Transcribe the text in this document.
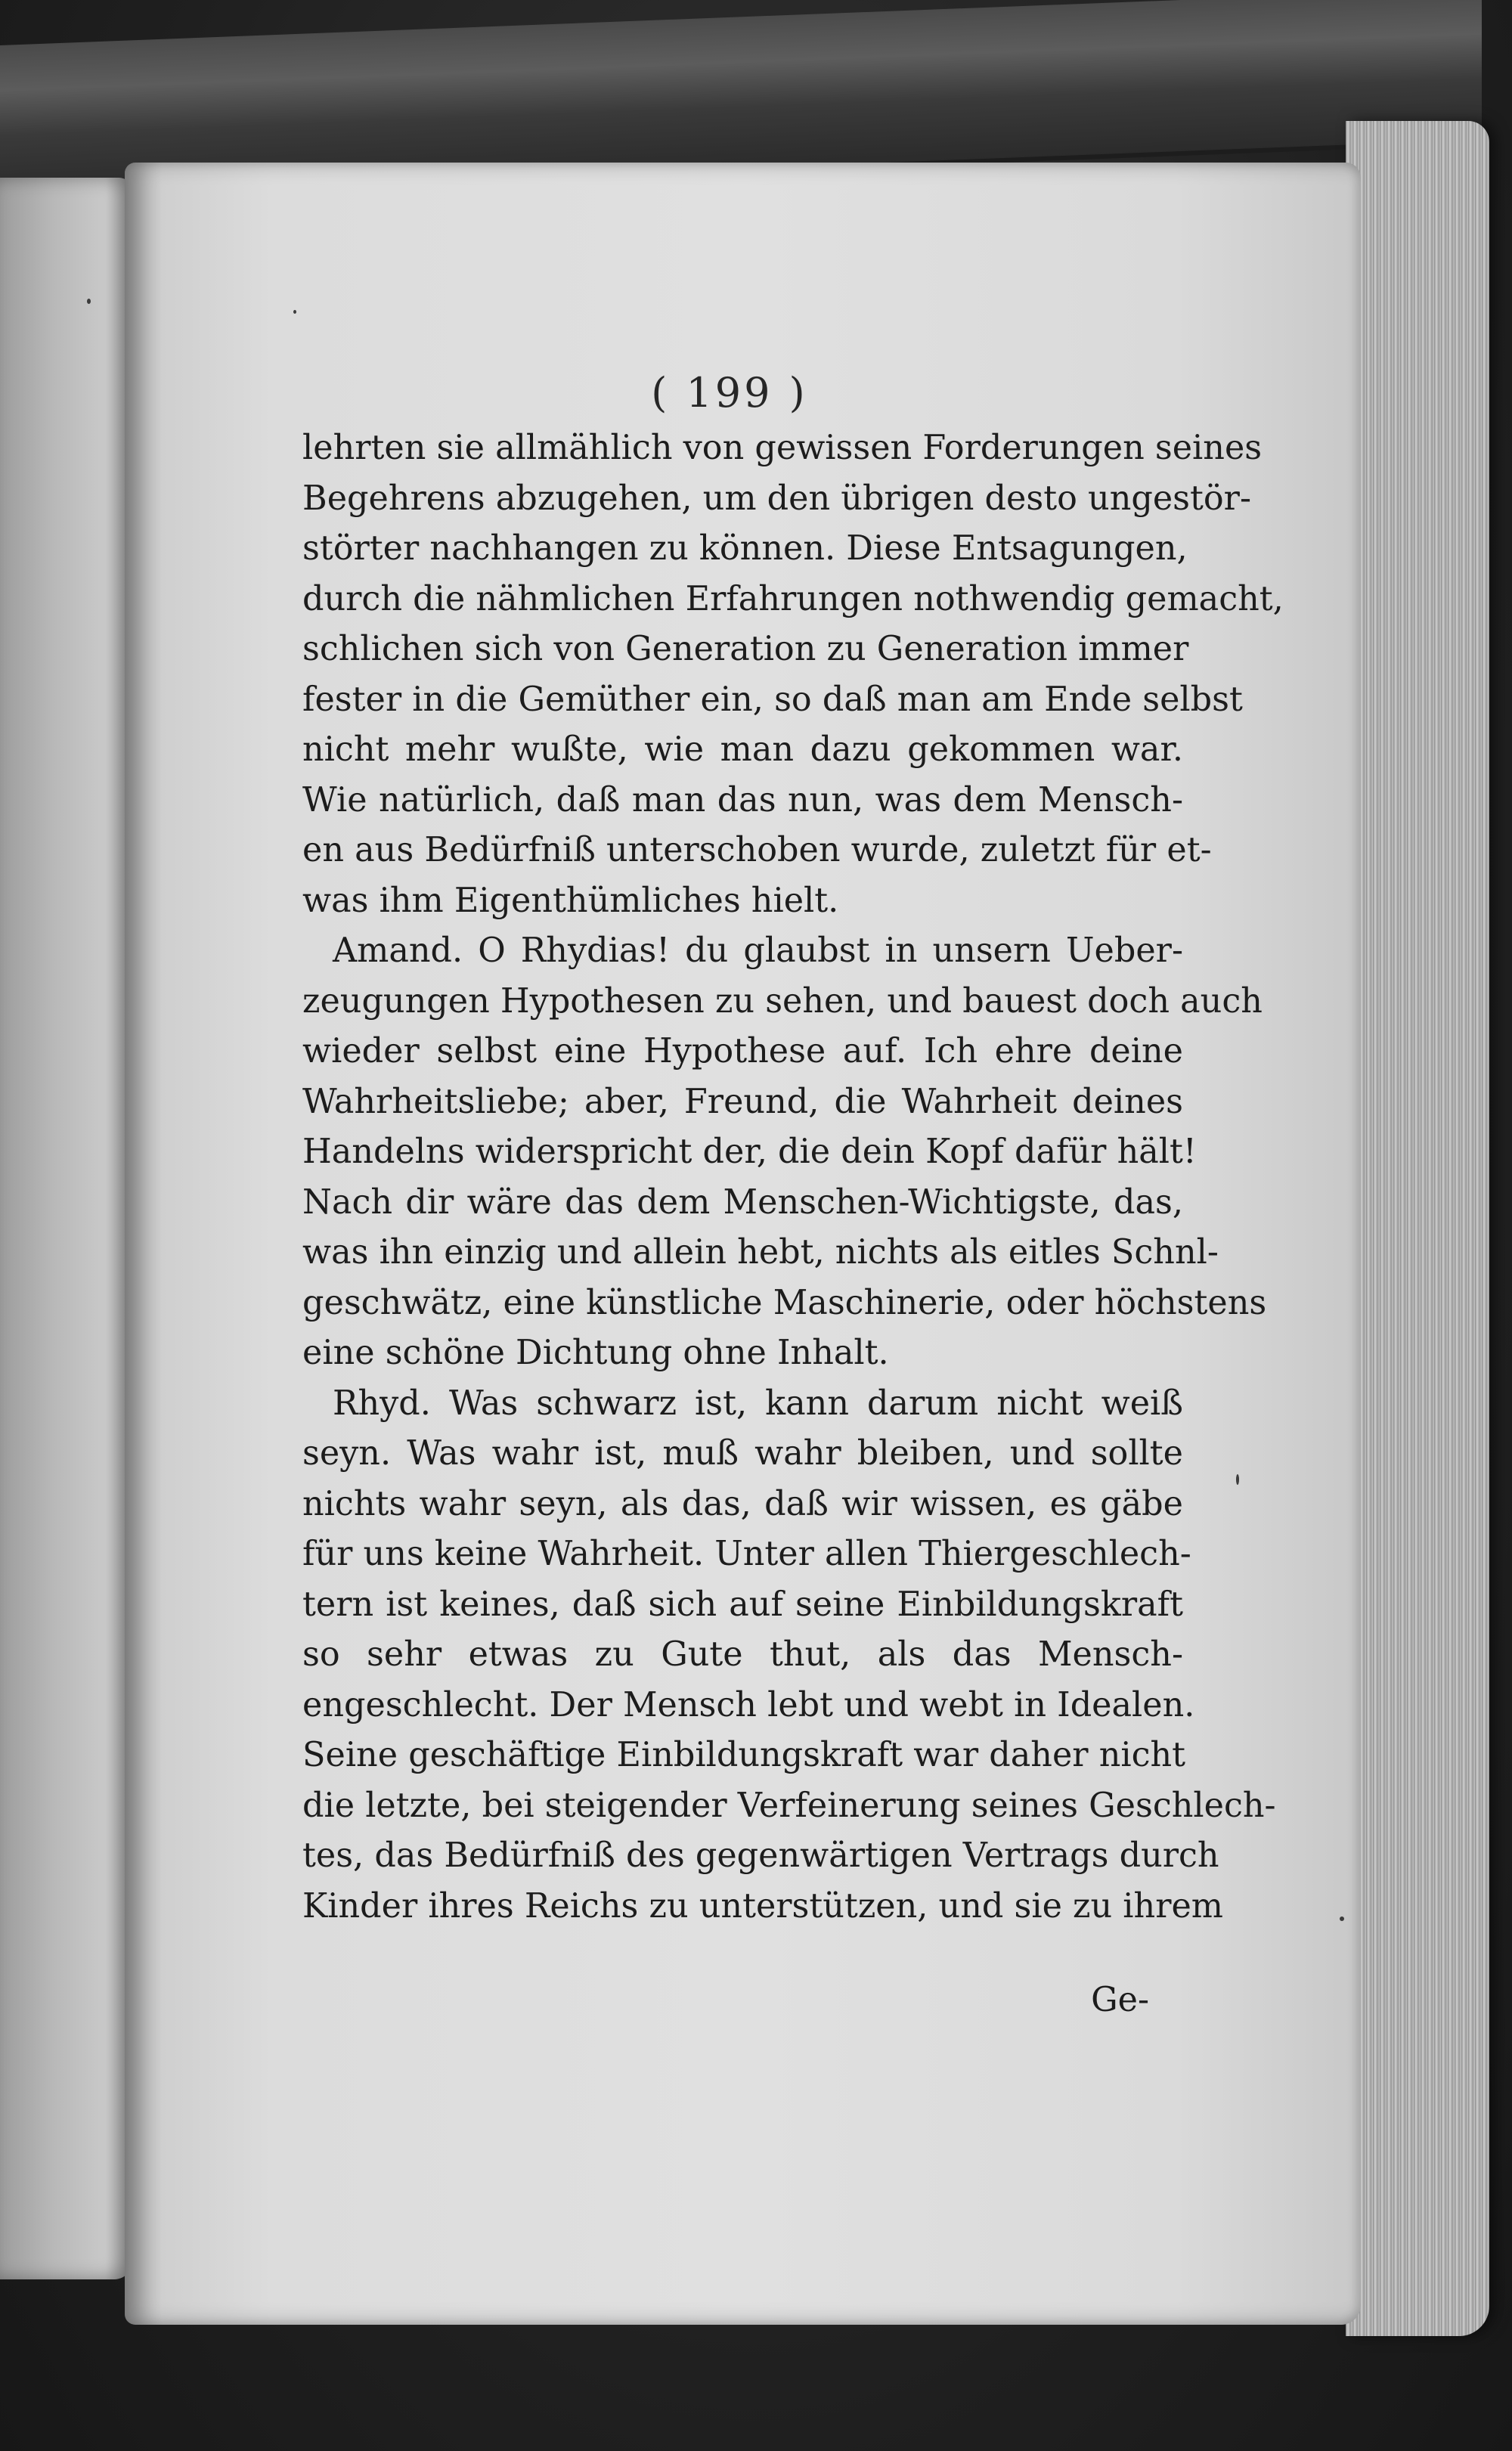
( 199 )
lehrten sie allmählich von gewissen Forderungen seines
Begehrens abzugehen, um den übrigen desto ungestör-
störter nachhangen zu können. Diese Entsagungen,
durch die nähmlichen Erfahrungen nothwendig gemacht,
schlichen sich von Generation zu Generation immer
fester in die Gemüther ein, so daß man am Ende selbst
nicht mehr wußte, wie man dazu gekommen war.
Wie natürlich, daß man das nun, was dem Mensch-
en aus Bedürfniß unterschoben wurde, zuletzt für et-
was ihm Eigenthümliches hielt.
Amand. O Rhydias! du glaubst in unsern Ueber-
zeugungen Hypothesen zu sehen, und bauest doch auch
wieder selbst eine Hypothese auf. Ich ehre deine
Wahrheitsliebe; aber, Freund, die Wahrheit deines
Handelns widerspricht der, die dein Kopf dafür hält!
Nach dir wäre das dem Menschen-Wichtigste, das,
was ihn einzig und allein hebt, nichts als eitles Schnl-
geschwätz, eine künstliche Maschinerie, oder höchstens
eine schöne Dichtung ohne Inhalt.
Rhyd. Was schwarz ist, kann darum nicht weiß
seyn. Was wahr ist, muß wahr bleiben, und sollte
nichts wahr seyn, als das, daß wir wissen, es gäbe
für uns keine Wahrheit. Unter allen Thiergeschlech-
tern ist keines, daß sich auf seine Einbildungskraft
so sehr etwas zu Gute thut, als das Mensch-
engeschlecht. Der Mensch lebt und webt in Idealen.
Seine geschäftige Einbildungskraft war daher nicht
die letzte, bei steigender Verfeinerung seines Geschlech-
tes, das Bedürfniß des gegenwärtigen Vertrags durch
Kinder ihres Reichs zu unterstützen, und sie zu ihrem
Ge-
